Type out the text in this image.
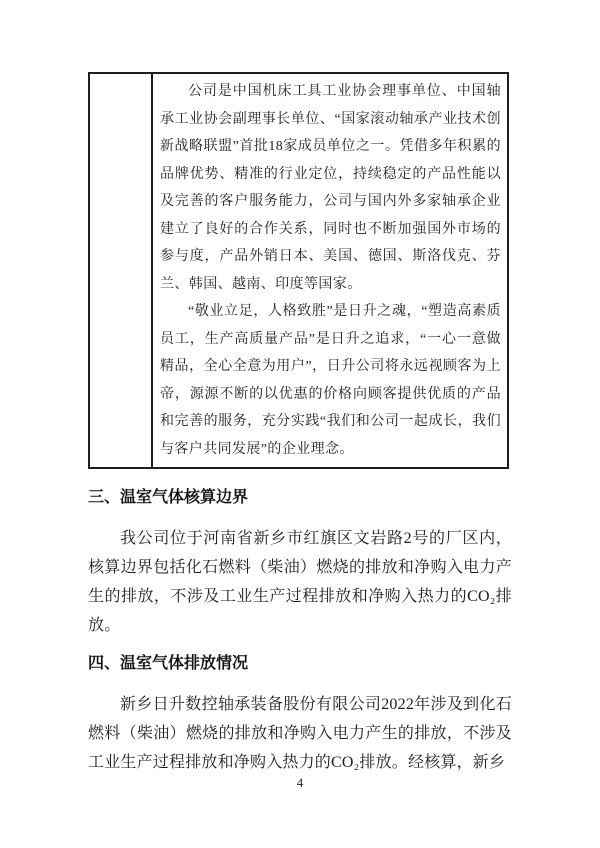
公司是中国机床工具工业协会理事单位、中国轴承工业协会副理事长单位、“国家滚动轴承产业技术创新战略联盟”首批18家成员单位之一。凭借多年积累的品牌优势、精准的行业定位，持续稳定的产品性能以及完善的客户服务能力，公司与国内外多家轴承企业建立了良好的合作关系，同时也不断加强国外市场的参与度，产品外销日本、美国、德国、斯洛伐克、芬兰、韩国、越南、印度等国家。

“敬业立足，人格致胜”是日升之魂，“塑造高素质员工，生产高质量产品”是日升之追求，“一心一意做精品，全心全意为用户”，日升公司将永远视顾客为上帝，源源不断的以优惠的价格向顾客提供优质的产品和完善的服务，充分实践“我们和公司一起成长，我们与客户共同发展”的企业理念。

三、温室气体核算边界

我公司位于河南省新乡市红旗区文岩路2号的厂区内，核算边界包括化石燃料（柴油）燃烧的排放和净购入电力产生的排放，不涉及工业生产过程排放和净购入热力的CO₂排放。

四、温室气体排放情况

新乡日升数控轴承装备股份有限公司2022年涉及到化石燃料（柴油）燃烧的排放和净购入电力产生的排放，不涉及工业生产过程排放和净购入热力的CO₂排放。经核算，新乡

4
